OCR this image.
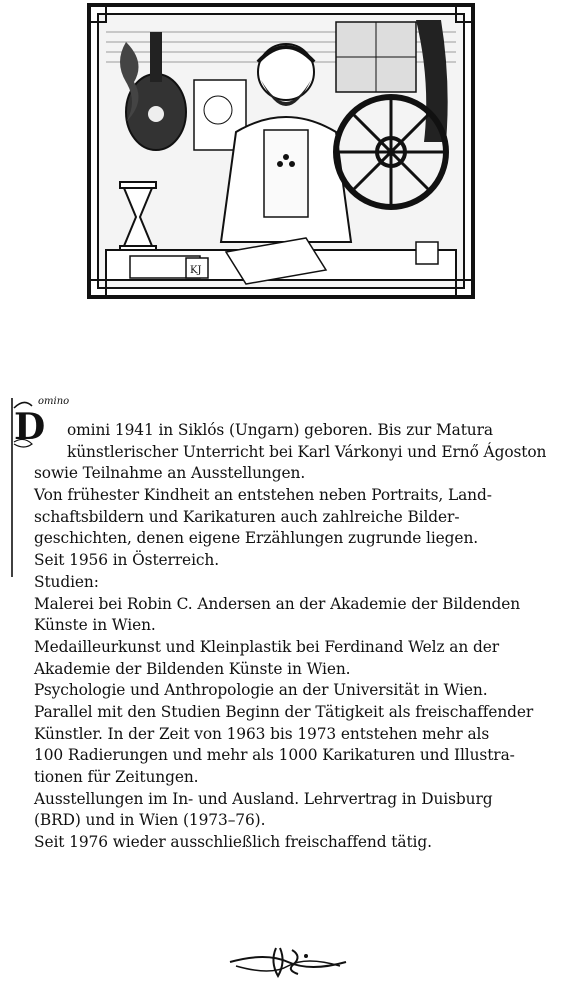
KJ
omino
D	omini 1941 in Siklós (Ungarn) geboren. Bis zur Matura
künstlerischer Unterricht bei Karl Várkonyi und Ernő Ágoston
sowie Teilnahme an Ausstellungen.
Von frühester Kindheit an entstehen neben Portraits, Land-
schaftsbildern und Karikaturen auch zahlreiche Bilder-
geschichten, denen eigene Erzählungen zugrunde liegen.
Seit 1956 in Österreich.
Studien:
Malerei bei Robin C. Andersen an der Akademie der Bildenden
Künste in Wien.
Medailleurkunst und Kleinplastik bei Ferdinand Welz an der
Akademie der Bildenden Künste in Wien.
Psychologie und Anthropologie an der Universität in Wien.
Parallel mit den Studien Beginn der Tätigkeit als freischaffender
Künstler. In der Zeit von 1963 bis 1973 entstehen mehr als
100 Radierungen und mehr als 1000 Karikaturen und Illustra-
tionen für Zeitungen.
Ausstellungen im In- und Ausland. Lehrvertrag in Duisburg
(BRD) und in Wien (1973–76).
Seit 1976 wieder ausschließlich freischaffend tätig.
